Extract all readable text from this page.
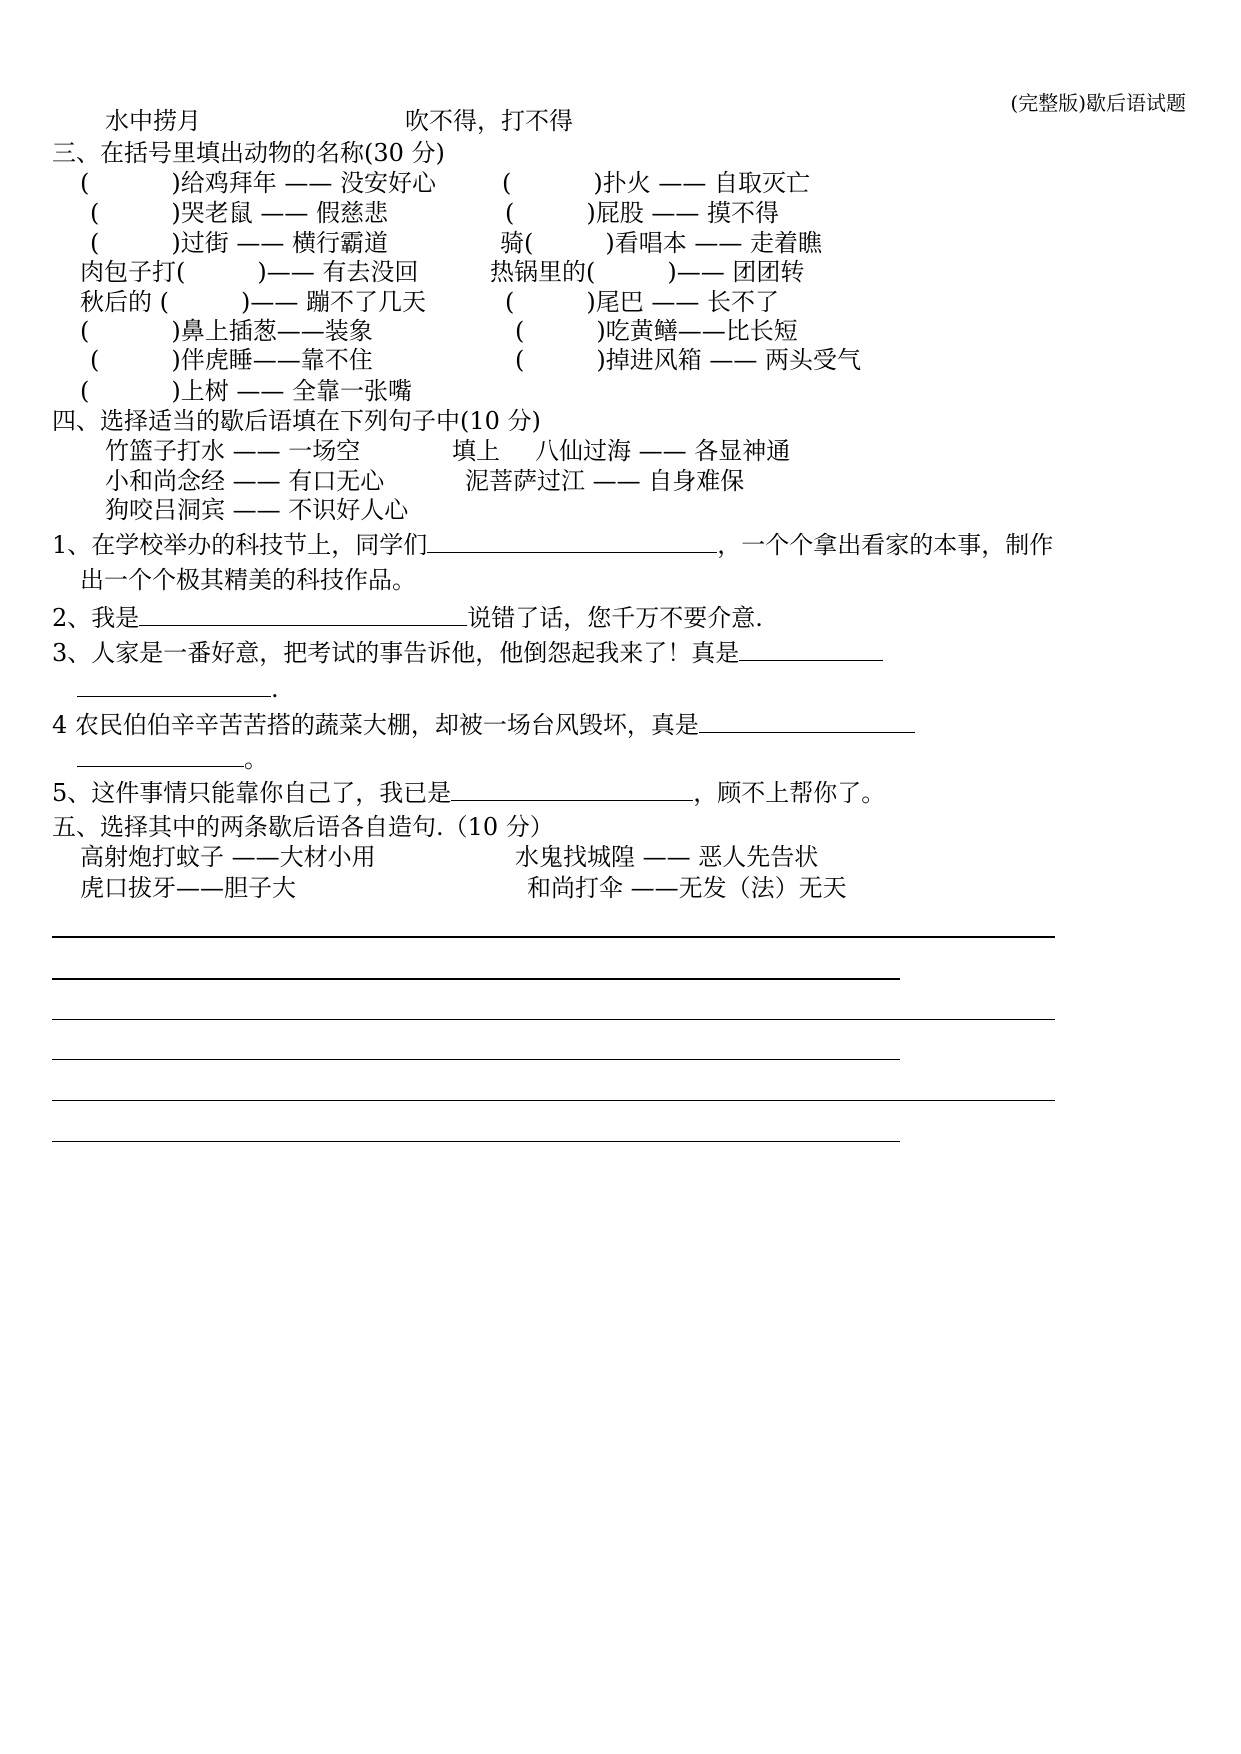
(完整版)歇后语试题
水中捞月	吹不得，打不得
三、在括号里填出动物的名称(30 分)
(	)给鸡拜年 —— 没安好心	(	)扑火 —— 自取灭亡
(	)哭老鼠 —— 假慈悲	(	)屁股 —— 摸不得
(	)过街 —— 横行霸道	骑(	)看唱本 —— 走着瞧
肉包子打(	)—— 有去没回	热锅里的(	)—— 团团转
秋后的 (	)—— 蹦不了几天	(	)尾巴 —— 长不了
(	)鼻上插葱——装象	(	)吃黄鳝——比长短
(	)伴虎睡——靠不住	(	)掉进风箱 —— 两头受气
(	)上树 —— 全靠一张嘴
四、选择适当的歇后语填在下列句子中(10 分)
竹篮子打水 —— 一场空	填上 八仙过海 —— 各显神通
小和尚念经 —— 有口无心	泥菩萨过江 —— 自身难保
狗咬吕洞宾 —— 不识好人心
1、在学校举办的科技节上，同学们	，一个个拿出看家的本事，制作
出一个个极其精美的科技作品。
2、我是	说错了话，您千万不要介意.
3、人家是一番好意，把考试的事告诉他，他倒怨起我来了！真是
.
4 农民伯伯辛辛苦苦搭的蔬菜大棚，却被一场台风毁坏，真是
。
5、这件事情只能靠你自己了，我已是	，顾不上帮你了。
五、选择其中的两条歇后语各自造句.（10 分）
高射炮打蚊子 ——大材小用	水鬼找城隍 —— 恶人先告状
虎口拔牙——胆子大	和尚打伞 ——无发（法）无天
